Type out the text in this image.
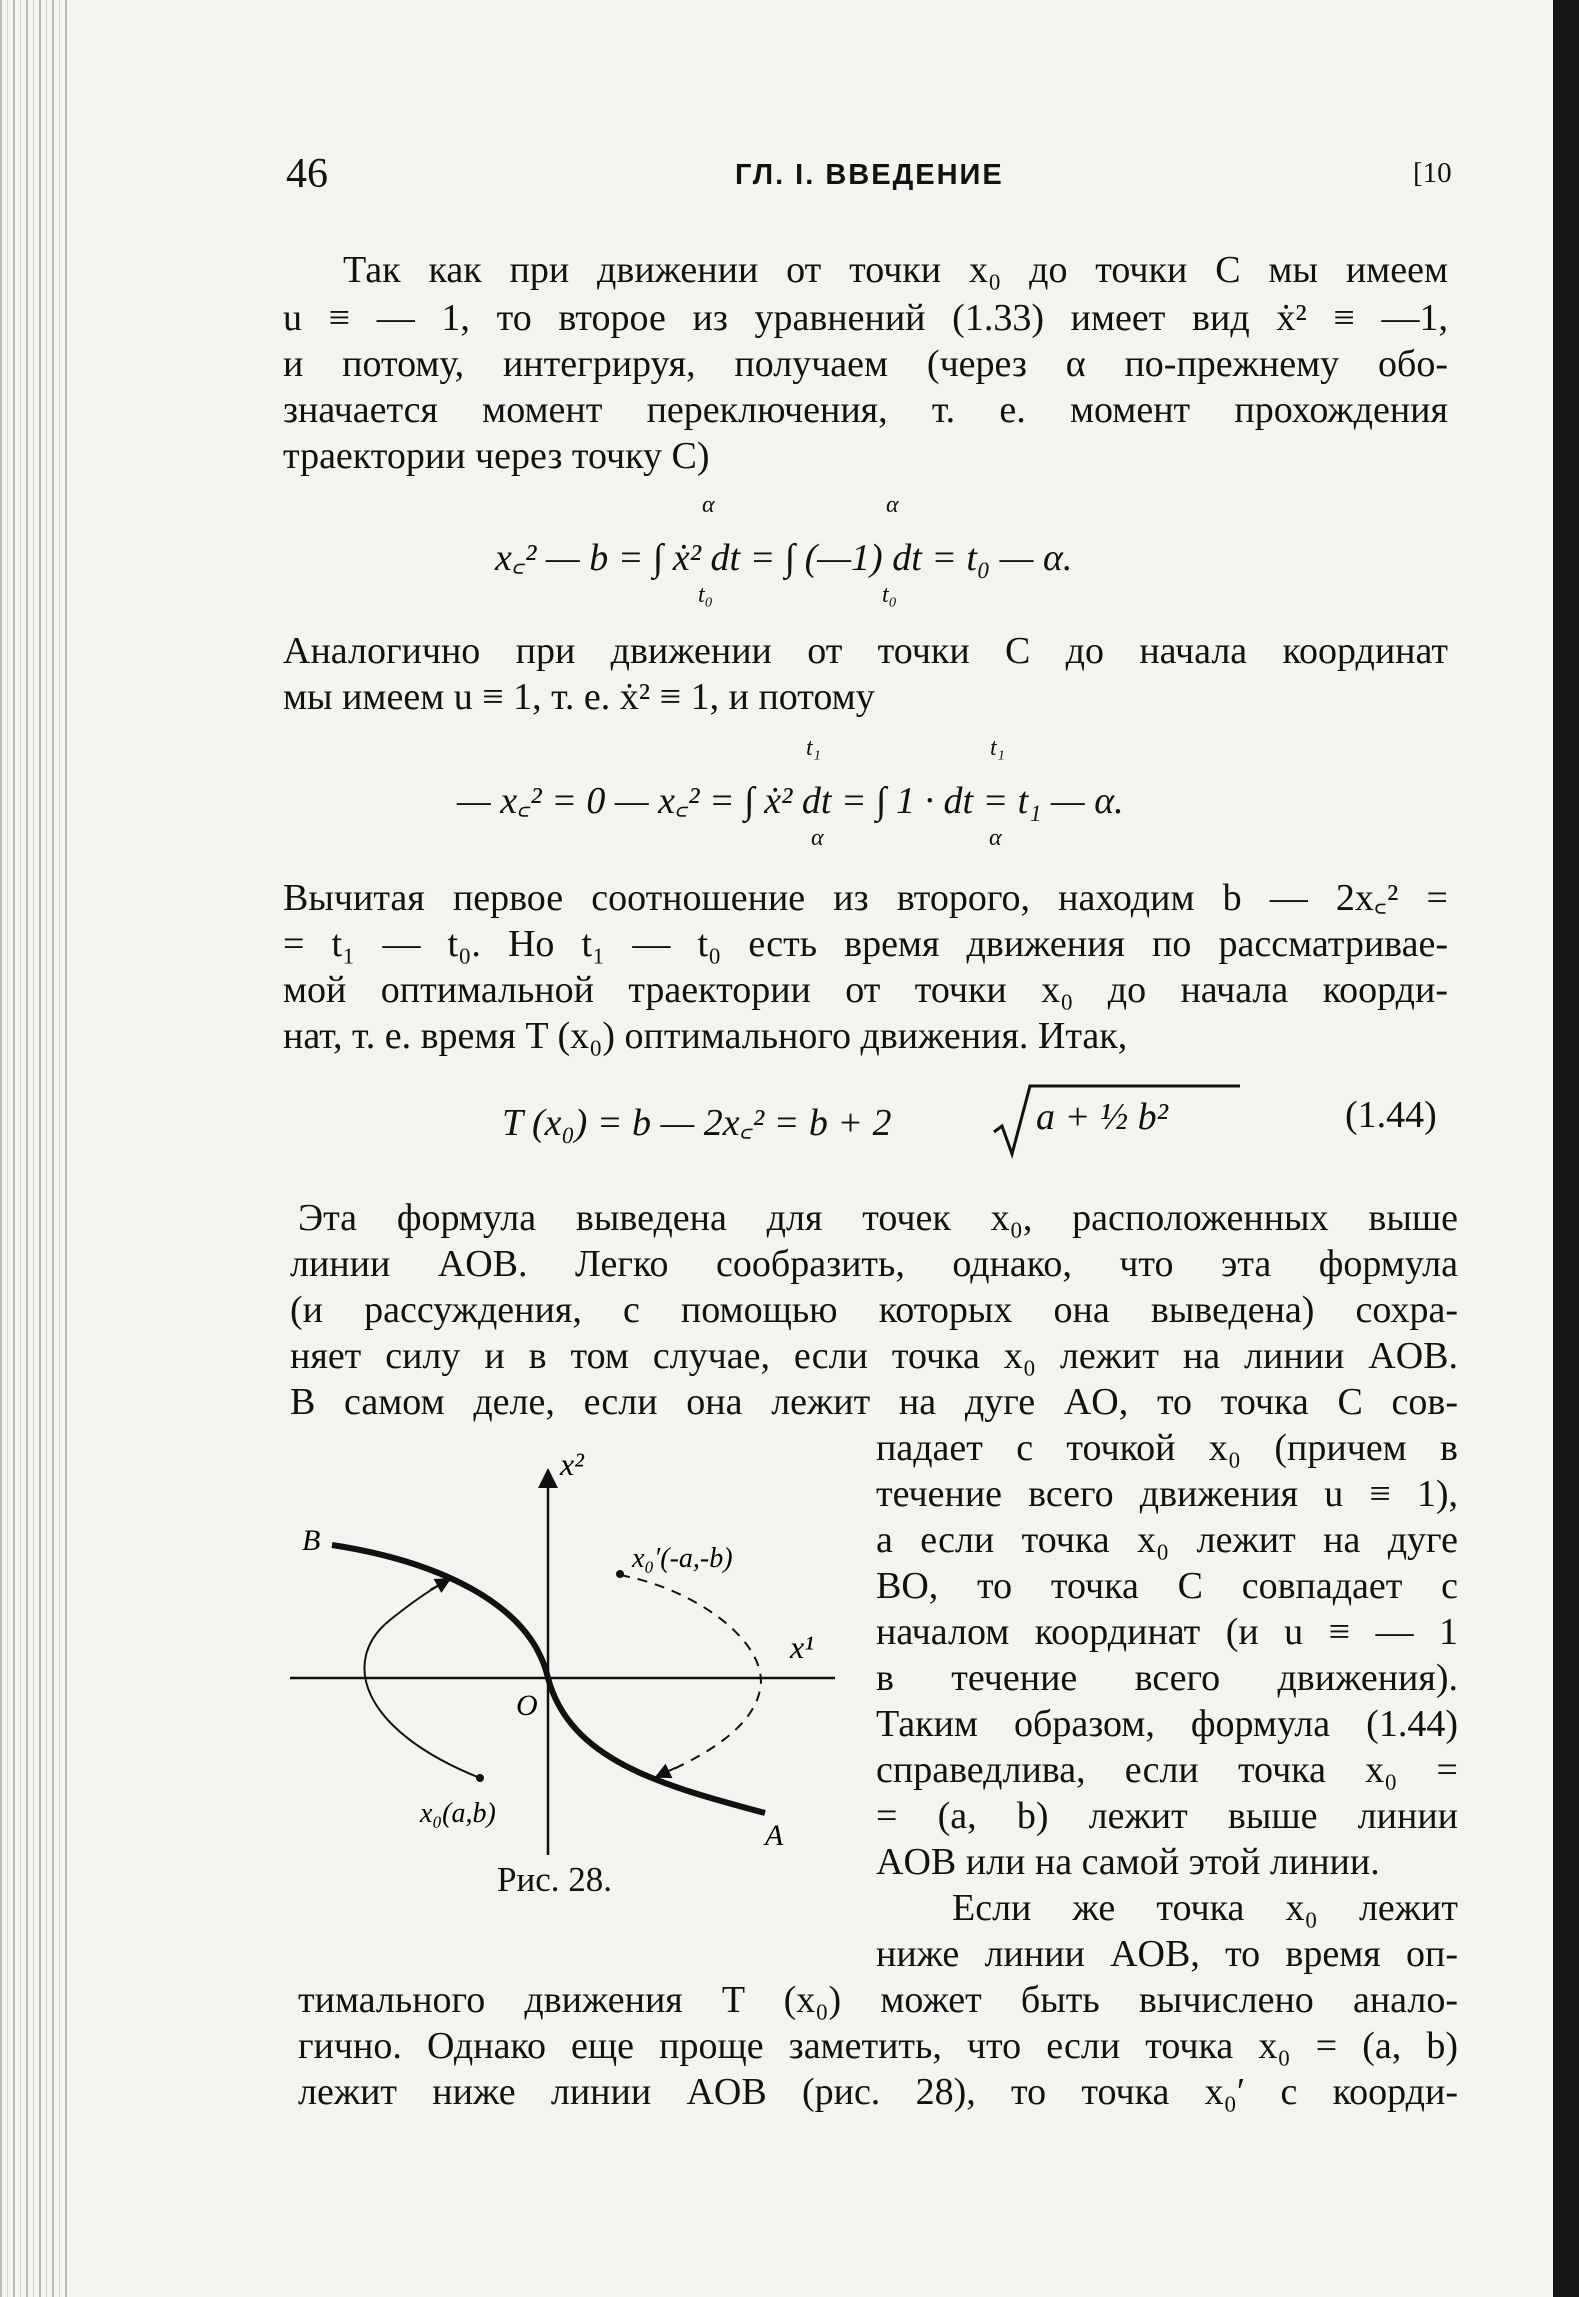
46	ГЛ. I. ВВЕДЕНИЕ	[10

Так как при движении от точки x₀ до точки C мы имеем

u ≡ — 1, то второе из уравнений (1.33) имеет вид ẋ² ≡ —1,

и потому, интегрируя, получаем (через α по-прежнему обо-

значается момент переключения, т. е. момент прохождения

траектории через точку C)

x꜀² — b = ∫ ẋ² dt = ∫ (—1) dt = t₀ — α.
α	α
t₀	t₀

Аналогично при движении от точки C до начала координат

мы имеем u ≡ 1, т. е. ẋ² ≡ 1, и потому

— x꜀² = 0 — x꜀² = ∫ ẋ² dt = ∫ 1 · dt = t₁ — α.
t₁	t₁
α	α

Вычитая первое соотношение из второго, находим b — 2x꜀² =

= t₁ — t₀. Но t₁ — t₀ есть время движения по рассматривае-

мой оптимальной траектории от точки x₀ до начала коорди-

нат, т. е. время T (x₀) оптимального движения. Итак,

T (x₀) = b — 2x꜀² = b + 2	a + ½ b²	(1.44)

Эта формула выведена для точек x₀, расположенных выше

линии AOB. Легко сообразить, однако, что эта формула

(и рассуждения, с помощью которых она выведена) сохра-

няет силу и в том случае, если точка x₀ лежит на линии AOB.

В самом деле, если она лежит на дуге AO, то точка C сов-

падает с точкой x₀ (причем в

течение всего движения u ≡ 1),

а если точка x₀ лежит на дуге

BO, то точка C совпадает с

началом координат (и u ≡ — 1

в течение всего движения).

Таким образом, формула (1.44)

справедлива, если точка x₀ =

= (a, b) лежит выше линии

AOB или на самой этой линии.

Если же точка x₀ лежит

ниже линии AOB, то время оп-

тимального движения T (x₀) может быть вычислено анало-

гично. Однако еще проще заметить, что если точка x₀ = (a, b)

лежит ниже линии AOB (рис. 28), то точка x₀′ с коорди-

B
A
O
x¹
x²
x₀(a,b)
x₀′(-a,-b)
Рис. 28.
